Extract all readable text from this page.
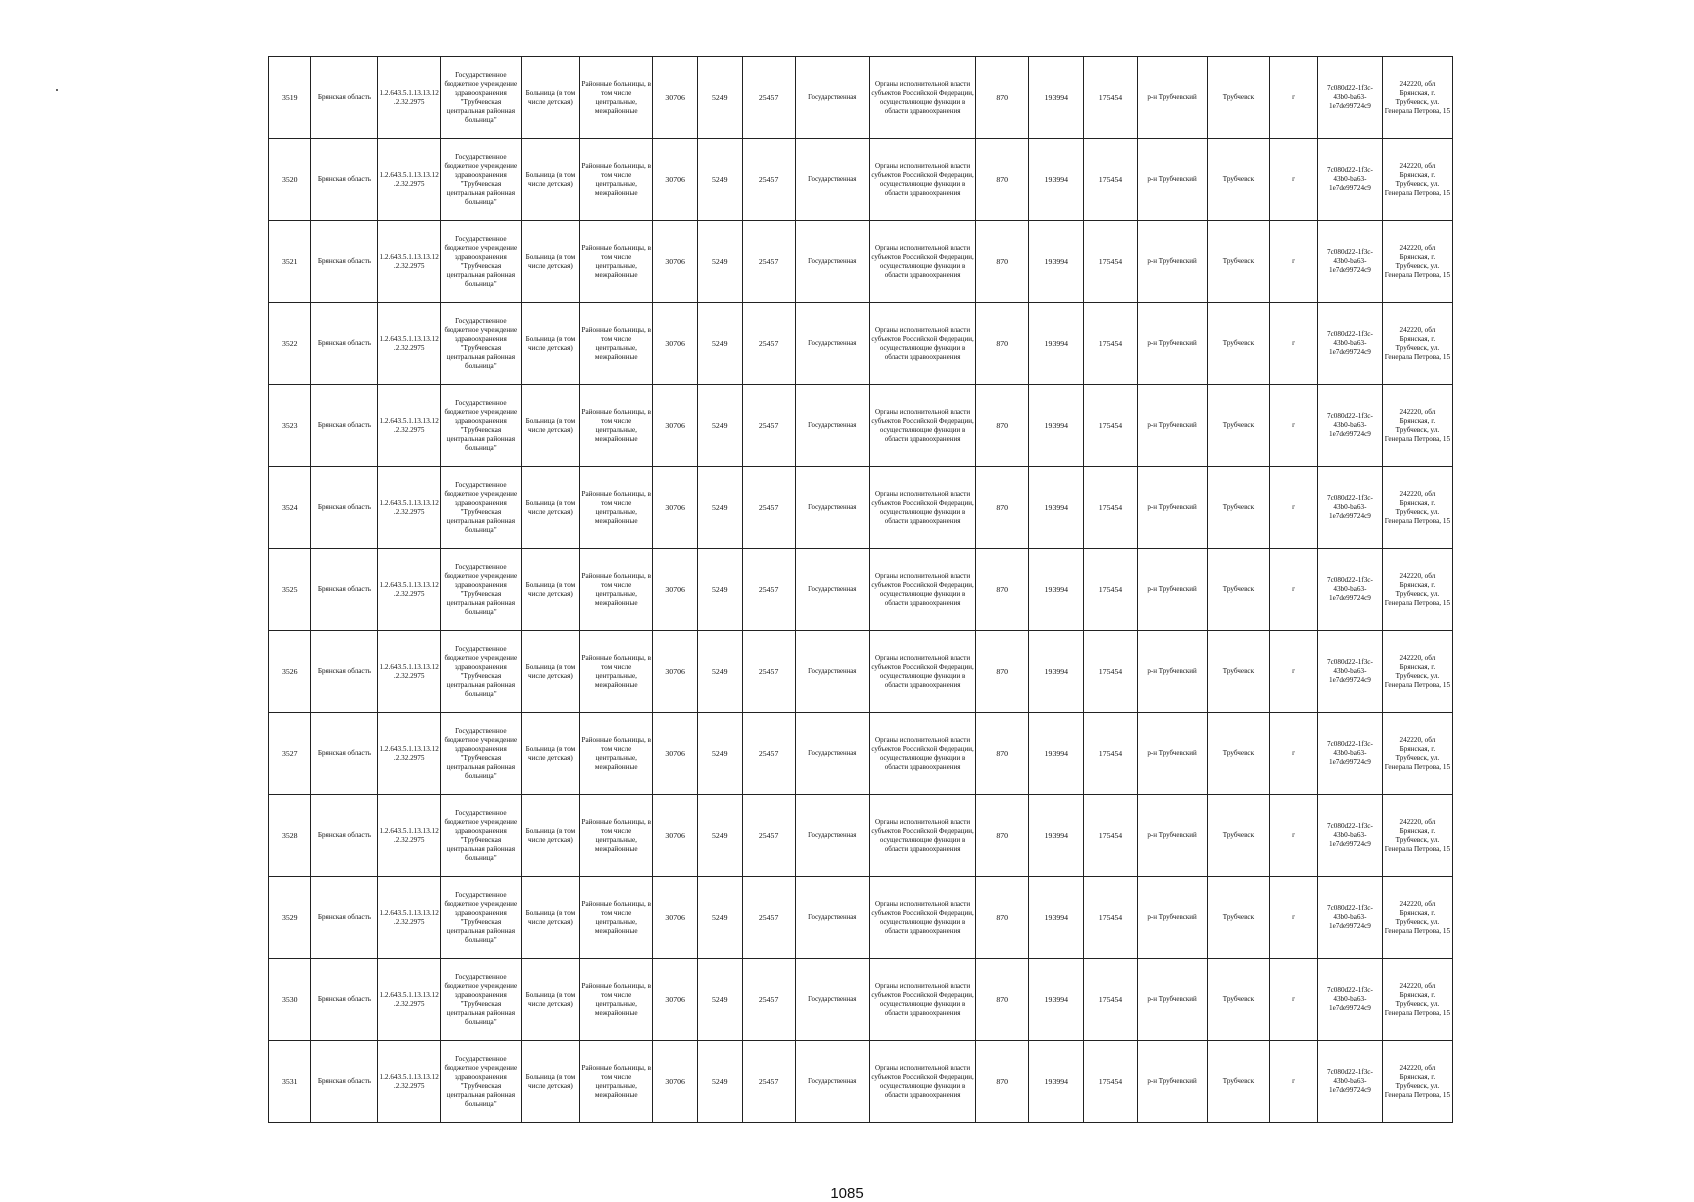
3519	Брянская область	1.2.643.5.1.13.13.12.2.32.2975	Государственное бюджетное учреждение здравоохранения "Трубчевская центральная районная больница"	Больница (в том числе детская)	Районные больницы, в том числе центральные, межрайонные	30706	5249	25457	Государственная	Органы исполнительной власти субъектов Российской Федерации, осуществляющие функции в области здравоохранения	870	193994	175454	р-н Трубчевский	Трубчевск	г	7c080d22-1f3c-43b0-ba63-1e7de99724c9	242220, обл Брянская, г. Трубчевск, ул. Генерала Петрова, 15
3520	Брянская область	1.2.643.5.1.13.13.12.2.32.2975	Государственное бюджетное учреждение здравоохранения "Трубчевская центральная районная больница"	Больница (в том числе детская)	Районные больницы, в том числе центральные, межрайонные	30706	5249	25457	Государственная	Органы исполнительной власти субъектов Российской Федерации, осуществляющие функции в области здравоохранения	870	193994	175454	р-н Трубчевский	Трубчевск	г	7c080d22-1f3c-43b0-ba63-1e7de99724c9	242220, обл Брянская, г. Трубчевск, ул. Генерала Петрова, 15
3521	Брянская область	1.2.643.5.1.13.13.12.2.32.2975	Государственное бюджетное учреждение здравоохранения "Трубчевская центральная районная больница"	Больница (в том числе детская)	Районные больницы, в том числе центральные, межрайонные	30706	5249	25457	Государственная	Органы исполнительной власти субъектов Российской Федерации, осуществляющие функции в области здравоохранения	870	193994	175454	р-н Трубчевский	Трубчевск	г	7c080d22-1f3c-43b0-ba63-1e7de99724c9	242220, обл Брянская, г. Трубчевск, ул. Генерала Петрова, 15
3522	Брянская область	1.2.643.5.1.13.13.12.2.32.2975	Государственное бюджетное учреждение здравоохранения "Трубчевская центральная районная больница"	Больница (в том числе детская)	Районные больницы, в том числе центральные, межрайонные	30706	5249	25457	Государственная	Органы исполнительной власти субъектов Российской Федерации, осуществляющие функции в области здравоохранения	870	193994	175454	р-н Трубчевский	Трубчевск	г	7c080d22-1f3c-43b0-ba63-1e7de99724c9	242220, обл Брянская, г. Трубчевск, ул. Генерала Петрова, 15
3523	Брянская область	1.2.643.5.1.13.13.12.2.32.2975	Государственное бюджетное учреждение здравоохранения "Трубчевская центральная районная больница"	Больница (в том числе детская)	Районные больницы, в том числе центральные, межрайонные	30706	5249	25457	Государственная	Органы исполнительной власти субъектов Российской Федерации, осуществляющие функции в области здравоохранения	870	193994	175454	р-н Трубчевский	Трубчевск	г	7c080d22-1f3c-43b0-ba63-1e7de99724c9	242220, обл Брянская, г. Трубчевск, ул. Генерала Петрова, 15
3524	Брянская область	1.2.643.5.1.13.13.12.2.32.2975	Государственное бюджетное учреждение здравоохранения "Трубчевская центральная районная больница"	Больница (в том числе детская)	Районные больницы, в том числе центральные, межрайонные	30706	5249	25457	Государственная	Органы исполнительной власти субъектов Российской Федерации, осуществляющие функции в области здравоохранения	870	193994	175454	р-н Трубчевский	Трубчевск	г	7c080d22-1f3c-43b0-ba63-1e7de99724c9	242220, обл Брянская, г. Трубчевск, ул. Генерала Петрова, 15
3525	Брянская область	1.2.643.5.1.13.13.12.2.32.2975	Государственное бюджетное учреждение здравоохранения "Трубчевская центральная районная больница"	Больница (в том числе детская)	Районные больницы, в том числе центральные, межрайонные	30706	5249	25457	Государственная	Органы исполнительной власти субъектов Российской Федерации, осуществляющие функции в области здравоохранения	870	193994	175454	р-н Трубчевский	Трубчевск	г	7c080d22-1f3c-43b0-ba63-1e7de99724c9	242220, обл Брянская, г. Трубчевск, ул. Генерала Петрова, 15
3526	Брянская область	1.2.643.5.1.13.13.12.2.32.2975	Государственное бюджетное учреждение здравоохранения "Трубчевская центральная районная больница"	Больница (в том числе детская)	Районные больницы, в том числе центральные, межрайонные	30706	5249	25457	Государственная	Органы исполнительной власти субъектов Российской Федерации, осуществляющие функции в области здравоохранения	870	193994	175454	р-н Трубчевский	Трубчевск	г	7c080d22-1f3c-43b0-ba63-1e7de99724c9	242220, обл Брянская, г. Трубчевск, ул. Генерала Петрова, 15
3527	Брянская область	1.2.643.5.1.13.13.12.2.32.2975	Государственное бюджетное учреждение здравоохранения "Трубчевская центральная районная больница"	Больница (в том числе детская)	Районные больницы, в том числе центральные, межрайонные	30706	5249	25457	Государственная	Органы исполнительной власти субъектов Российской Федерации, осуществляющие функции в области здравоохранения	870	193994	175454	р-н Трубчевский	Трубчевск	г	7c080d22-1f3c-43b0-ba63-1e7de99724c9	242220, обл Брянская, г. Трубчевск, ул. Генерала Петрова, 15
3528	Брянская область	1.2.643.5.1.13.13.12.2.32.2975	Государственное бюджетное учреждение здравоохранения "Трубчевская центральная районная больница"	Больница (в том числе детская)	Районные больницы, в том числе центральные, межрайонные	30706	5249	25457	Государственная	Органы исполнительной власти субъектов Российской Федерации, осуществляющие функции в области здравоохранения	870	193994	175454	р-н Трубчевский	Трубчевск	г	7c080d22-1f3c-43b0-ba63-1e7de99724c9	242220, обл Брянская, г. Трубчевск, ул. Генерала Петрова, 15
3529	Брянская область	1.2.643.5.1.13.13.12.2.32.2975	Государственное бюджетное учреждение здравоохранения "Трубчевская центральная районная больница"	Больница (в том числе детская)	Районные больницы, в том числе центральные, межрайонные	30706	5249	25457	Государственная	Органы исполнительной власти субъектов Российской Федерации, осуществляющие функции в области здравоохранения	870	193994	175454	р-н Трубчевский	Трубчевск	г	7c080d22-1f3c-43b0-ba63-1e7de99724c9	242220, обл Брянская, г. Трубчевск, ул. Генерала Петрова, 15
3530	Брянская область	1.2.643.5.1.13.13.12.2.32.2975	Государственное бюджетное учреждение здравоохранения "Трубчевская центральная районная больница"	Больница (в том числе детская)	Районные больницы, в том числе центральные, межрайонные	30706	5249	25457	Государственная	Органы исполнительной власти субъектов Российской Федерации, осуществляющие функции в области здравоохранения	870	193994	175454	р-н Трубчевский	Трубчевск	г	7c080d22-1f3c-43b0-ba63-1e7de99724c9	242220, обл Брянская, г. Трубчевск, ул. Генерала Петрова, 15
3531	Брянская область	1.2.643.5.1.13.13.12.2.32.2975	Государственное бюджетное учреждение здравоохранения "Трубчевская центральная районная больница"	Больница (в том числе детская)	Районные больницы, в том числе центральные, межрайонные	30706	5249	25457	Государственная	Органы исполнительной власти субъектов Российской Федерации, осуществляющие функции в области здравоохранения	870	193994	175454	р-н Трубчевский	Трубчевск	г	7c080d22-1f3c-43b0-ba63-1e7de99724c9	242220, обл Брянская, г. Трубчевск, ул. Генерала Петрова, 15
1085
